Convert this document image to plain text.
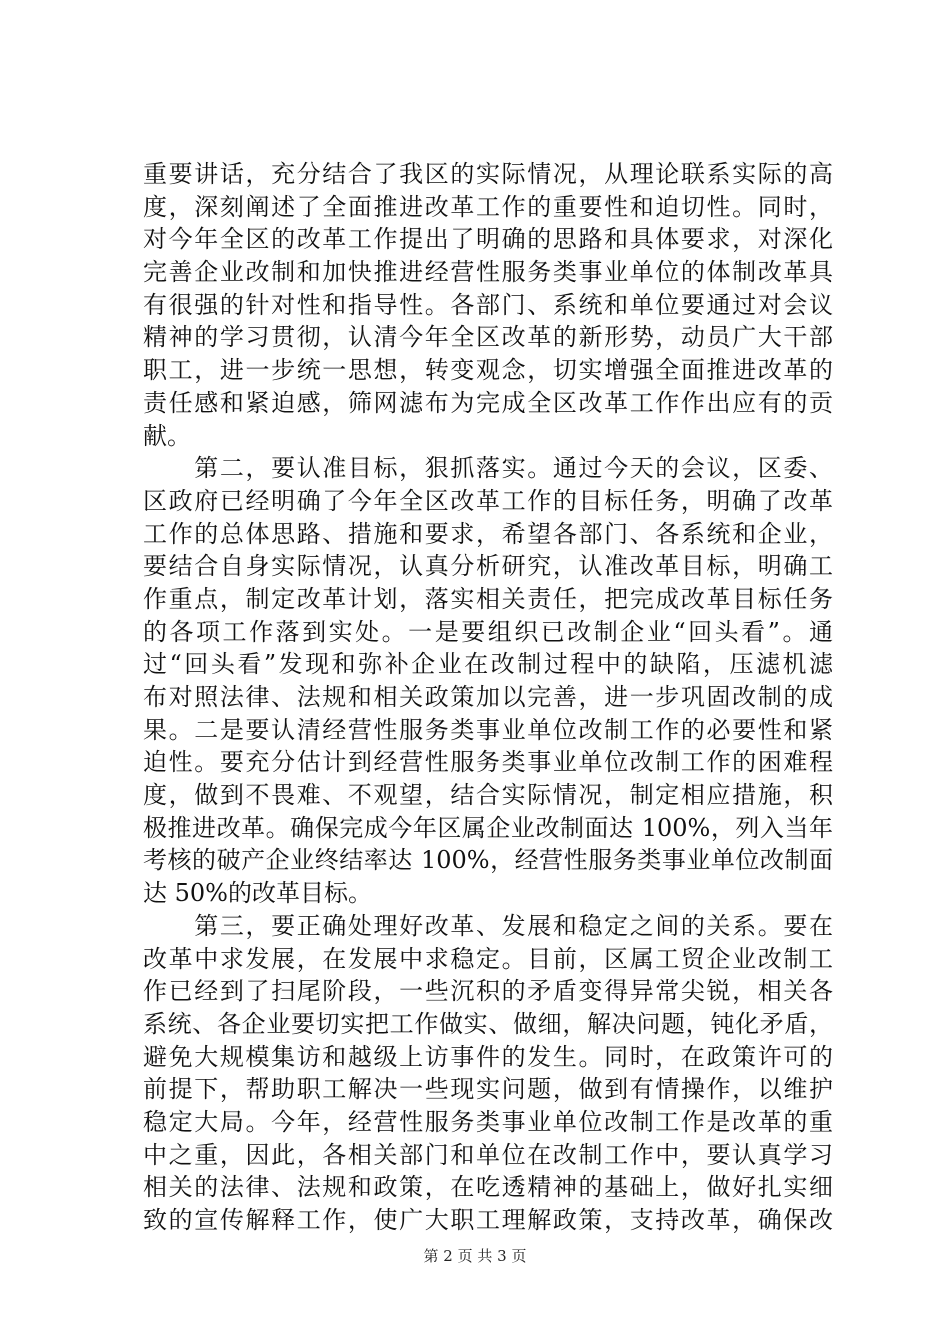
重要讲话，充分结合了我区的实际情况，从理论联系实际的高
度，深刻阐述了全面推进改革工作的重要性和迫切性。同时，
对今年全区的改革工作提出了明确的思路和具体要求，对深化
完善企业改制和加快推进经营性服务类事业单位的体制改革具
有很强的针对性和指导性。各部门、系统和单位要通过对会议
精神的学习贯彻，认清今年全区改革的新形势，动员广大干部
职工，进一步统一思想，转变观念，切实增强全面推进改革的
责任感和紧迫感，筛网滤布为完成全区改革工作作出应有的贡
献。
　　第二，要认准目标，狠抓落实。通过今天的会议，区委、
区政府已经明确了今年全区改革工作的目标任务，明确了改革
工作的总体思路、措施和要求，希望各部门、各系统和企业，
要结合自身实际情况，认真分析研究，认准改革目标，明确工
作重点，制定改革计划，落实相关责任，把完成改革目标任务
的各项工作落到实处。一是要组织已改制企业“回头看”。通
过“回头看”发现和弥补企业在改制过程中的缺陷，压滤机滤
布对照法律、法规和相关政策加以完善，进一步巩固改制的成
果。二是要认清经营性服务类事业单位改制工作的必要性和紧
迫性。要充分估计到经营性服务类事业单位改制工作的困难程
度，做到不畏难、不观望，结合实际情况，制定相应措施，积
极推进改革。确保完成今年区属企业改制面达 100%，列入当年
考核的破产企业终结率达 100%，经营性服务类事业单位改制面
达 50%的改革目标。
　　第三，要正确处理好改革、发展和稳定之间的关系。要在
改革中求发展，在发展中求稳定。目前，区属工贸企业改制工
作已经到了扫尾阶段，一些沉积的矛盾变得异常尖锐，相关各
系统、各企业要切实把工作做实、做细，解决问题，钝化矛盾，
避免大规模集访和越级上访事件的发生。同时，在政策许可的
前提下，帮助职工解决一些现实问题，做到有情操作，以维护
稳定大局。今年，经营性服务类事业单位改制工作是改革的重
中之重，因此，各相关部门和单位在改制工作中，要认真学习
相关的法律、法规和政策，在吃透精神的基础上，做好扎实细
致的宣传解释工作，使广大职工理解政策，支持改革，确保改
第 2 页 共 3 页
